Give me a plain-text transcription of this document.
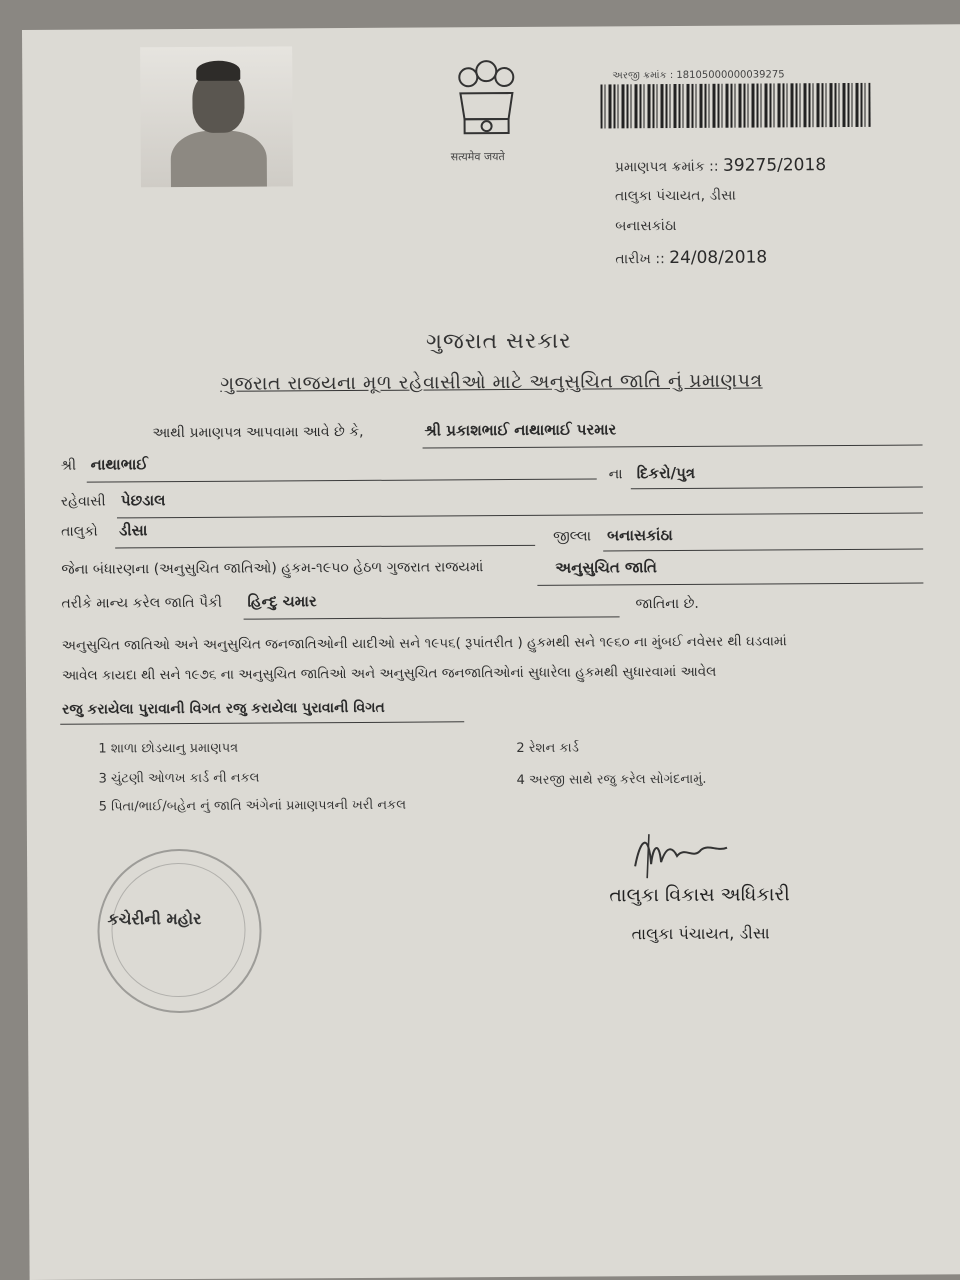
सत्यमेव जयते
અરજી ક્રમાંક : 18105000000039275
પ્રમાણપત્ર ક્રમાંક :: 39275/2018
તાલુકા પંચાયત, ડીસા
બનાસકાંઠા
તારીખ :: 24/08/2018
ગુજરાત સરકાર
ગુજરાત રાજયના મૂળ રહેવાસીઓ માટે અનુસુચિત જાતિ નું પ્રમાણપત્ર
આથી પ્રમાણપત્ર આપવામા આવે છે કે,	શ્રી પ્રકાશભાઈ નાથાભાઈ પરમાર
શ્રી નાથાભાઈ
ના દિકરો/પુત્ર
રહેવાસી પેછડાલ
તાલુકો ડીસા	જીલ્લા બનાસકાંઠા
જેના બંધારણના (અનુસુચિત જાતિઓ) હુકમ-૧૯૫૦ હેઠળ ગુજરાત રાજયમાં	અનુસુચિત જાતિ
તરીકે માન્ય કરેલ જાતિ પૈકી હિન્દુ ચમાર	જાતિના છે.
અનુસુચિત જાતિઓ અને અનુસુચિત જનજાતિઓની યાદીઓ સને ૧૯૫૬( રૂપાંતરીત ) હુકમથી સને ૧૯૬૦ ના મુંબઈ નવેસર થી ઘડવામાં
આવેલ કાયદા થી સને ૧૯૭૬ ના અનુસુચિત જાતિઓ અને અનુસુચિત જનજાતિઓનાં સુધારેલા હુકમથી સુધારવામાં આવેલ
રજુ કરાયેલા પુરાવાની વિગત રજુ કરાયેલા પુરાવાની વિગત
1 શાળા છોડયાનુ પ્રમાણપત્ર	2 રેશન કાર્ડ
3 ચુંટણી ઓળખ કાર્ડ ની નકલ	4 અરજી સાથે રજુ કરેલ સોગંદનામું.
5 પિતા/ભાઈ/બહેન નું જાતિ અંગેનાં પ્રમાણપત્રની ખરી નકલ
કચેરીની મહોર
તાલુકા વિકાસ અધિકારી
તાલુકા પંચાયત, ડીસા
